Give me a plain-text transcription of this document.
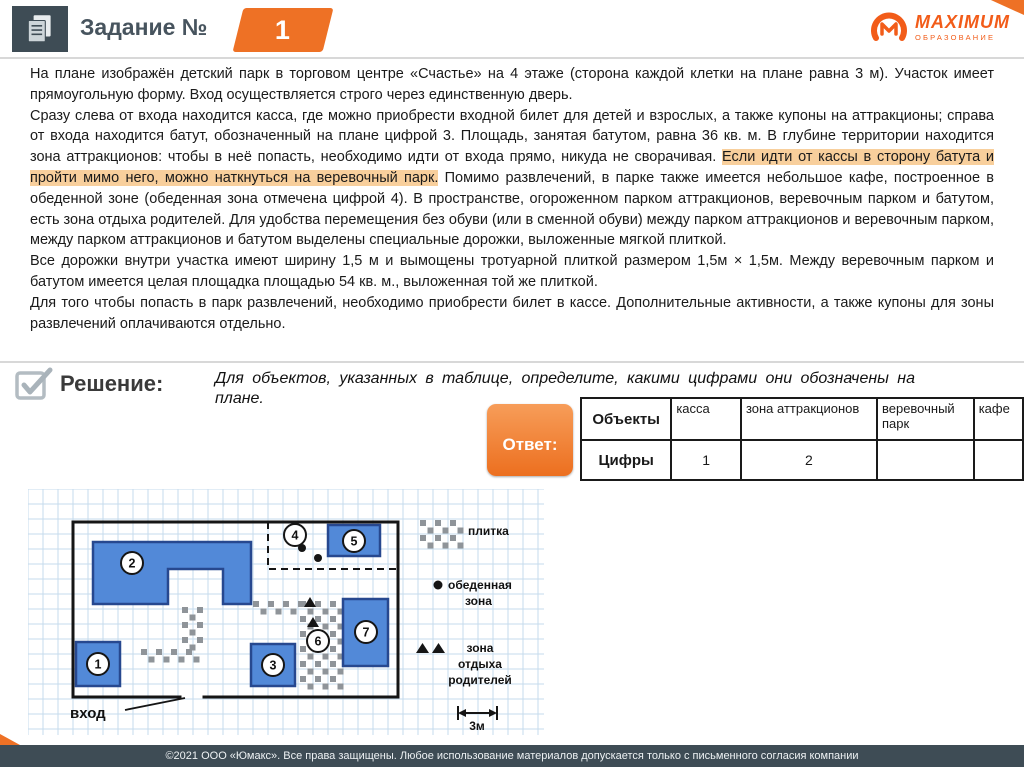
Задание №	1	MAXIMUM
ОБРАЗОВАНИЕ

На плане изображён детский парк в торговом центре «Счастье» на 4 этаже (сторона каждой клетки на плане равна 3 м). Участок имеет прямоугольную форму. Вход осуществляется строго через единственную дверь.

Сразу слева от входа находится касса, где можно приобрести входной билет для детей и взрослых, а также купоны на аттракционы; справа от входа находится батут, обозначенный на плане цифрой 3. Площадь, занятая батутом, равна 36 кв. м. В глубине территории находится зона аттракционов: чтобы в неё попасть, необходимо идти от входа прямо, никуда не сворачивая. Если идти от кассы в сторону батута и пройти мимо него, можно наткнуться на веревочный парк. Помимо развлечений, в парке также имеется небольшое кафе, построенное в обеденной зоне (обеденная зона отмечена цифрой 4). В пространстве, огороженном парком аттракционов, веревочным парком и батутом, есть зона отдыха родителей. Для удобства перемещения без обуви (или в сменной обуви) между парком аттракционов и веревочным парком, между парком аттракционов и батутом выделены специальные дорожки, выложенные мягкой плиткой.

Все дорожки внутри участка имеют ширину 1,5 м и вымощены тротуарной плиткой размером 1,5м × 1,5м. Между веревочным парком и батутом имеется целая площадка площадью 54 кв. м., выложенная той же плиткой.

Для того чтобы попасть в парк развлечений, необходимо приобрести билет в кассе. Дополнительные активности, а также купоны для зоны развлечений оплачиваются отдельно.

Решение:	Для объектов, указанных в таблице, определите, какими цифрами они обозначены на плане.

Ответ:
Объекты	касса	зона аттракционов	веревочный парк	кафе
Цифры	1	2		
1
2
3
4	5
6
7
вход
плитка
обеденная
зона
зона
отдыха
родителей
3м

©2021 ООО «Юмакс». Все права защищены. Любое использование материалов допускается только с письменного согласия компании
